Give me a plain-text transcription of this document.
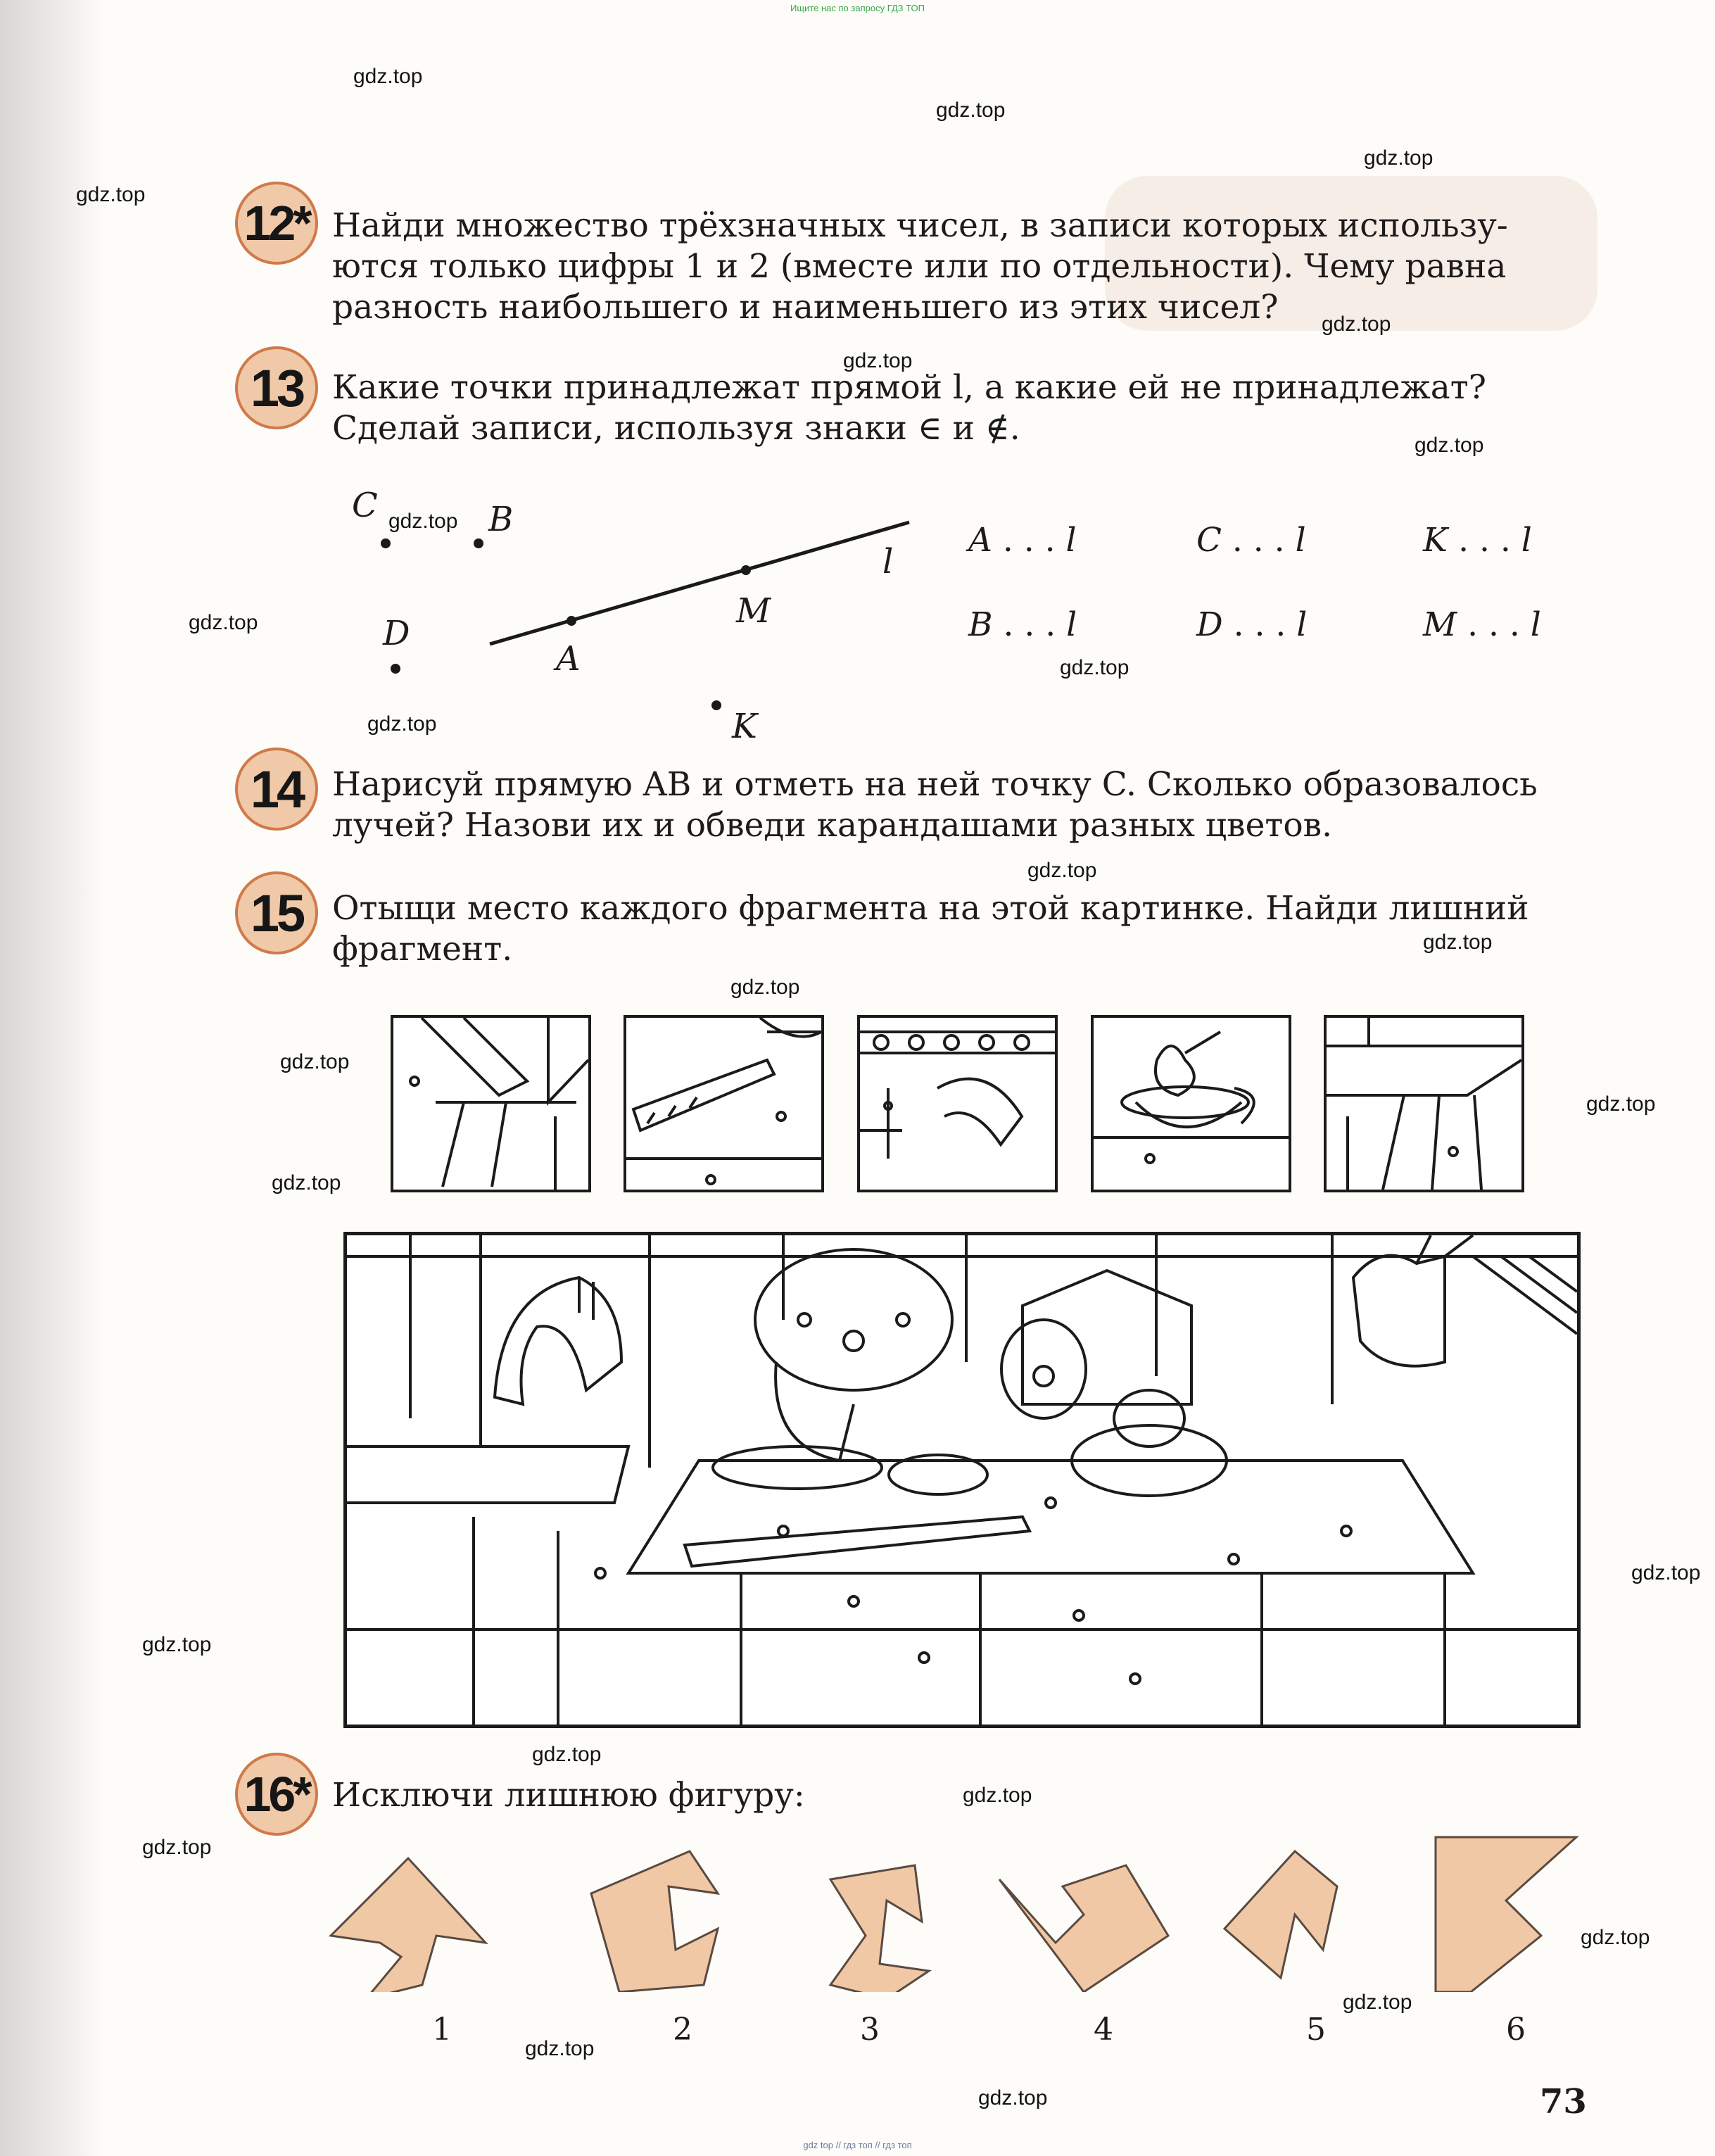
Ищите нас по запросу ГДЗ ТОП
gdz.top
gdz.top
gdz.top
gdz.top
gdz.top
gdz.top
gdz.top
gdz.top
gdz.top
gdz.top
gdz.top
gdz.top
gdz.top
gdz.top
gdz.top
gdz.top
gdz.top
gdz.top
gdz.top
gdz.top
gdz.top
gdz.top
gdz.top
gdz.top
gdz.top
gdz.top
12* Найди множество трёхзначных чисел, в записи которых использу-ются только цифры 1 и 2 (вместе или по отдельности). Чему равна разность наибольшего и наименьшего из этих чисел?
13 Какие точки принадлежат прямой l, а какие ей не принадлежат? Сделай записи, используя знаки ∈ и ∉.
C	B
D
A
M
K
l
A . . . l	C . . . l	K . . . l
B . . . l	D . . . l	M . . . l
14 Нарисуй прямую AB и отметь на ней точку C. Сколько образовалось лучей? Назови их и обведи карандашами разных цветов.
15 Отыщи место каждого фрагмента на этой картинке. Найди лишний фрагмент.
16* Исключи лишнюю фигуру:
1	2	3	4	5	6
73
gdz top // гдз топ // гдз топ
